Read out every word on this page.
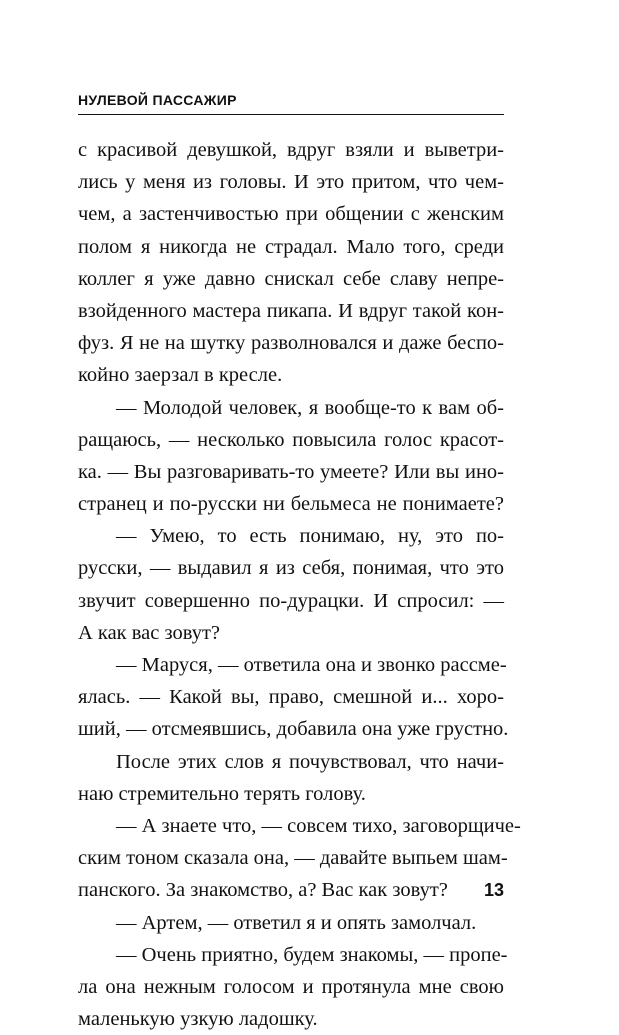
НУЛЕВОЙ ПАССАЖИР
с красивой девушкой, вдруг взяли и выветри-
лись у меня из головы. И это притом, что чем-
чем, а застенчивостью при общении с женским
полом я никогда не страдал. Мало того, среди
коллег я уже давно снискал себе славу непре-
взойденного мастера пикапа. И вдруг такой кон-
фуз. Я не на шутку разволновался и даже беспо-
койно заерзал в кресле.
— Молодой человек, я вообще-то к вам об-
ращаюсь, — несколько повысила голос красот-
ка. — Вы разговаривать-то умеете? Или вы ино-
странец и по-русски ни бельмеса не понимаете?
— Умею, то есть понимаю, ну, это по-
русски, — выдавил я из себя, понимая, что это
звучит совершенно по-дурацки. И спросил: —
А как вас зовут?
— Маруся, — ответила она и звонко рассме-
ялась. — Какой вы, право, смешной и... хоро-
ший, — отсмеявшись, добавила она уже грустно.
После этих слов я почувствовал, что начи-
наю стремительно терять голову.
— А знаете что, — совсем тихо, заговорщиче-
ским тоном сказала она, — давайте выпьем шам-
панского. За знакомство, а? Вас как зовут?
— Артем, — ответил я и опять замолчал.
— Очень приятно, будем знакомы, — пропе-
ла она нежным голосом и протянула мне свою
маленькую узкую ладошку.
13
